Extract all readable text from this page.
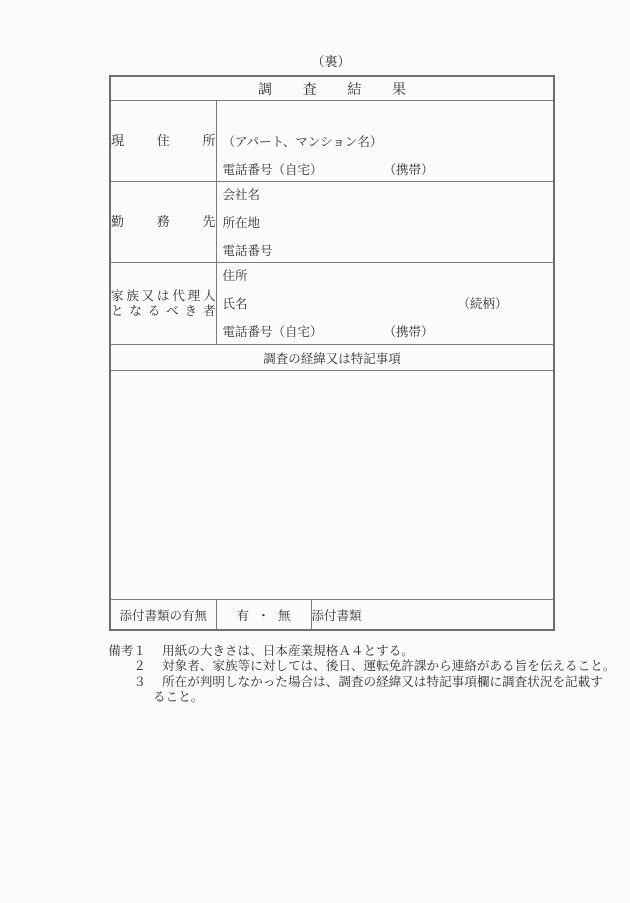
（裏）
調 査 結 果		

現	住	所	（アパート、マンション名）
電話番号（自宅）	（携帯）

勤	務	先

会社名
所在地
電話番号

家 族 又 は 代 理 人
と な る べ き 者

住所
氏名	（続柄）
電話番号（自宅）	（携帯）

調査の経緯又は特記事項		

添付書類の有無	有 ・ 無	添付書類
備考１ 用紙の大きさは、日本産業規格Ａ４とする。
２ 対象者、家族等に対しては、後日、運転免許課から連絡がある旨を伝えること。
３ 所在が判明しなかった場合は、調査の経緯又は特記事項欄に調査状況を記載す
ること。
